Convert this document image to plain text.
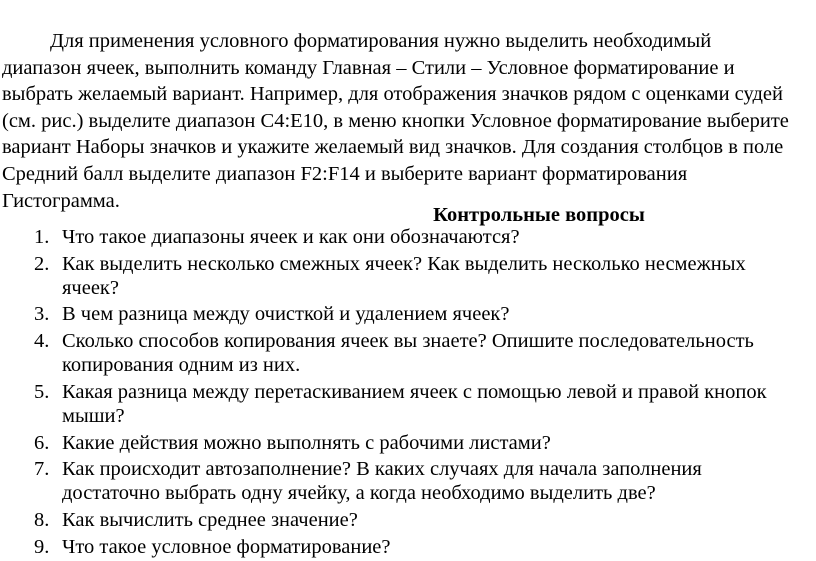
Для применения условного форматирования нужно выделить необходимый диапазон ячеек, выполнить команду Главная – Стили – Условное форматирование и выбрать желаемый вариант. Например, для отображения значков рядом с оценками судей (см. рис.) выделите диапазон C4:E10, в меню кнопки Условное форматирование выберите вариант Наборы значков и укажите желаемый вид значков. Для создания столбцов в поле Средний балл выделите диапазон F2:F14 и выберите вариант форматирования Гистограмма.

Контрольные вопросы

1. Что такое диапазоны ячеек и как они обозначаются?
2. Как выделить несколько смежных ячеек? Как выделить несколько несмежных ячеек?
3. В чем разница между очисткой и удалением ячеек?
4. Сколько способов копирования ячеек вы знаете? Опишите последовательность копирования одним из них.
5. Какая разница между перетаскиванием ячеек с помощью левой и правой кнопок мыши?
6. Какие действия можно выполнять с рабочими листами?
7. Как происходит автозаполнение? В каких случаях для начала заполнения достаточно выбрать одну ячейку, а когда необходимо выделить две?
8. Как вычислить среднее значение?
9. Что такое условное форматирование?
